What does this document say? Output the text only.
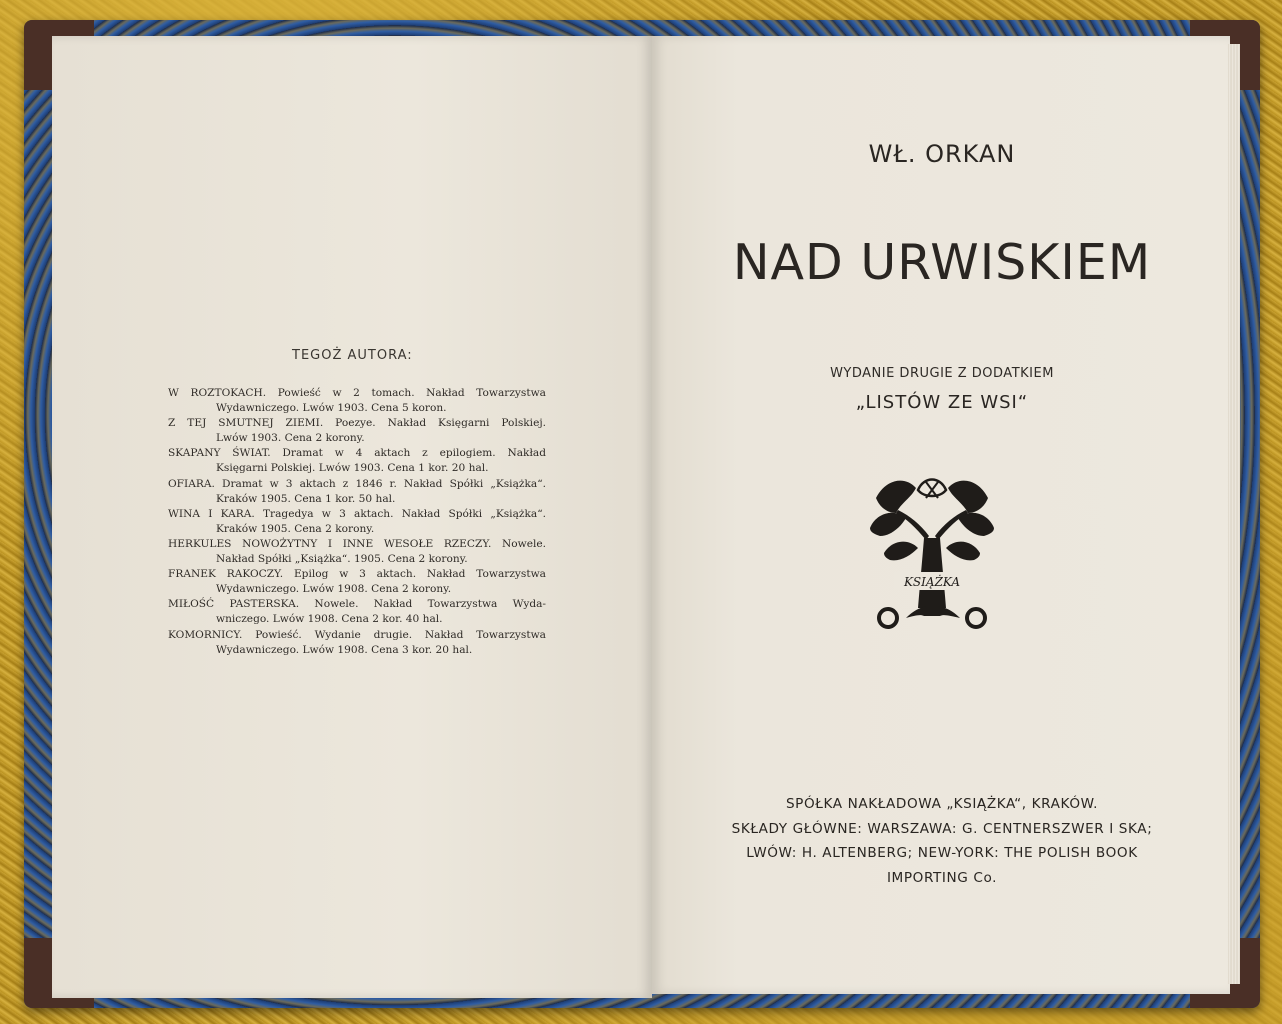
TEGOŻ AUTORA:
W ROZTOKACH. Powieść w 2 tomach. Nakład Towarzystwa
Wydawniczego. Lwów 1903. Cena 5 koron.
Z TEJ SMUTNEJ ZIEMI. Poezye. Nakład Księgarni Polskiej.
Lwów 1903. Cena 2 korony.
SKAPANY ŚWIAT. Dramat w 4 aktach z epilogiem. Nakład
Księgarni Polskiej. Lwów 1903. Cena 1 kor. 20 hal.
OFIARA. Dramat w 3 aktach z 1846 r. Nakład Spółki „Książka“.
Kraków 1905. Cena 1 kor. 50 hal.
WINA I KARA. Tragedya w 3 aktach. Nakład Spółki „Książka“.
Kraków 1905. Cena 2 korony.
HERKULES NOWOŻYTNY I INNE WESOŁE RZECZY. Nowele.
Nakład Spółki „Książka“. 1905. Cena 2 korony.
FRANEK RAKOCZY. Epilog w 3 aktach. Nakład Towarzystwa
Wydawniczego. Lwów 1908. Cena 2 korony.
MIŁOŚĆ PASTERSKA. Nowele. Nakład Towarzystwa Wyda-
wniczego. Lwów 1908. Cena 2 kor. 40 hal.
KOMORNICY. Powieść. Wydanie drugie. Nakład Towarzystwa
Wydawniczego. Lwów 1908. Cena 3 kor. 20 hal.
WŁ. ORKAN
NAD URWISKIEM
WYDANIE DRUGIE Z DODATKIEM
„LISTÓW ZE WSI“
KSIĄŻKA
SPÓŁKA NAKŁADOWA „KSIĄŻKA“, KRAKÓW.
SKŁADY GŁÓWNE: WARSZAWA: G. CENTNERSZWER I SKA;
LWÓW: H. ALTENBERG; NEW-YORK: THE POLISH BOOK
IMPORTING Co.
